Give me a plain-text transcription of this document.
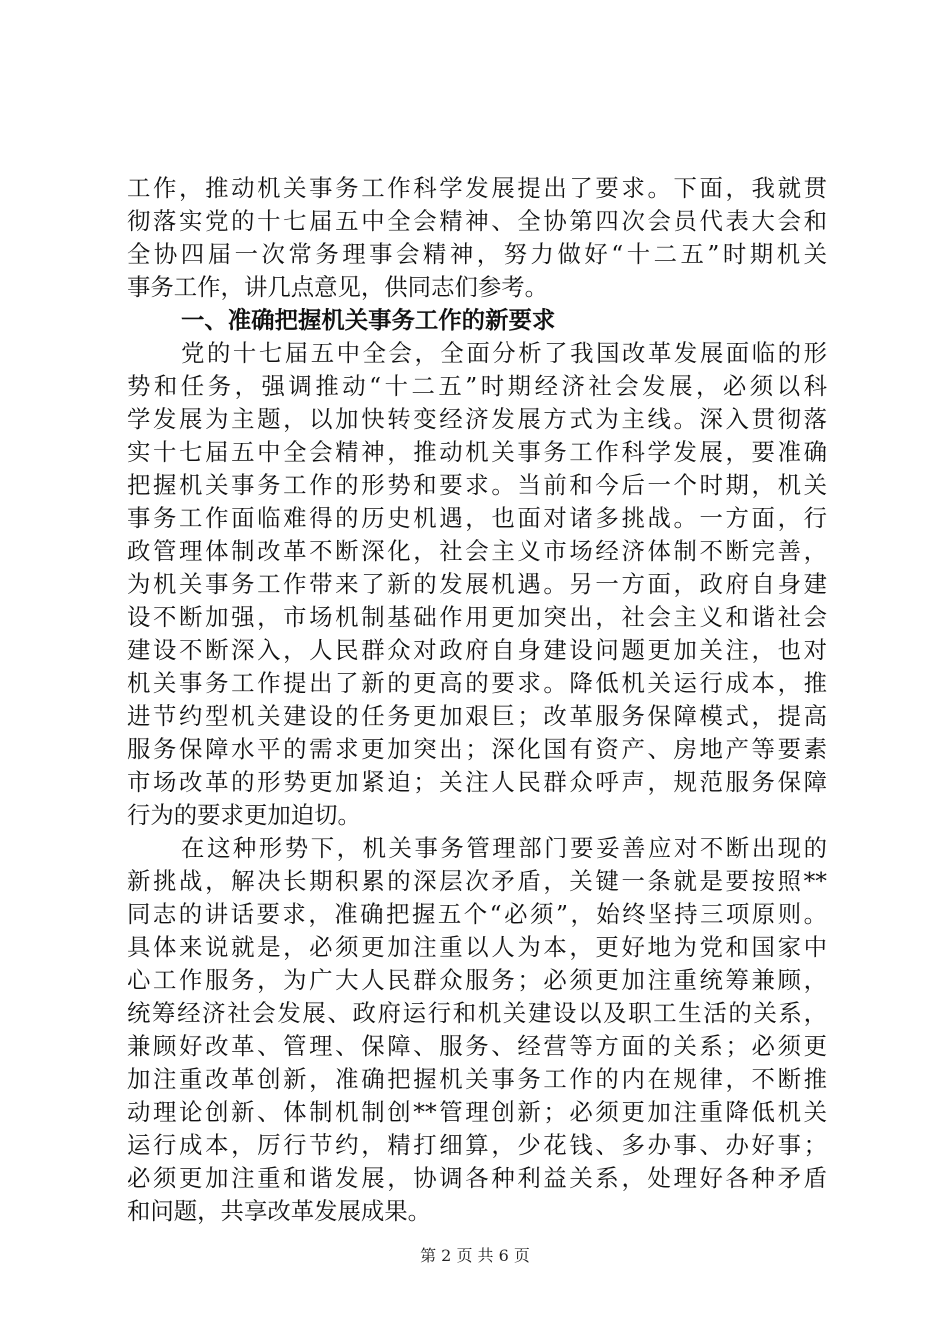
工作，推动机关事务工作科学发展提出了要求。下面，我就贯
彻落实党的十七届五中全会精神、全协第四次会员代表大会和
全协四届一次常务理事会精神，努力做好“十二五”时期机关
事务工作，讲几点意见，供同志们参考。
一、准确把握机关事务工作的新要求
党的十七届五中全会，全面分析了我国改革发展面临的形
势和任务，强调推动“十二五”时期经济社会发展，必须以科
学发展为主题，以加快转变经济发展方式为主线。深入贯彻落
实十七届五中全会精神，推动机关事务工作科学发展，要准确
把握机关事务工作的形势和要求。当前和今后一个时期，机关
事务工作面临难得的历史机遇，也面对诸多挑战。一方面，行
政管理体制改革不断深化，社会主义市场经济体制不断完善，
为机关事务工作带来了新的发展机遇。另一方面，政府自身建
设不断加强，市场机制基础作用更加突出，社会主义和谐社会
建设不断深入，人民群众对政府自身建设问题更加关注，也对
机关事务工作提出了新的更高的要求。降低机关运行成本，推
进节约型机关建设的任务更加艰巨；改革服务保障模式，提高
服务保障水平的需求更加突出；深化国有资产、房地产等要素
市场改革的形势更加紧迫；关注人民群众呼声，规范服务保障
行为的要求更加迫切。
在这种形势下，机关事务管理部门要妥善应对不断出现的
新挑战，解决长期积累的深层次矛盾，关键一条就是要按照**
同志的讲话要求，准确把握五个“必须”，始终坚持三项原则。
具体来说就是，必须更加注重以人为本，更好地为党和国家中
心工作服务，为广大人民群众服务；必须更加注重统筹兼顾，
统筹经济社会发展、政府运行和机关建设以及职工生活的关系，
兼顾好改革、管理、保障、服务、经营等方面的关系；必须更
加注重改革创新，准确把握机关事务工作的内在规律，不断推
动理论创新、体制机制创**管理创新；必须更加注重降低机关
运行成本，厉行节约，精打细算，少花钱、多办事、办好事；
必须更加注重和谐发展，协调各种利益关系，处理好各种矛盾
和问题，共享改革发展成果。
第 2 页 共 6 页
